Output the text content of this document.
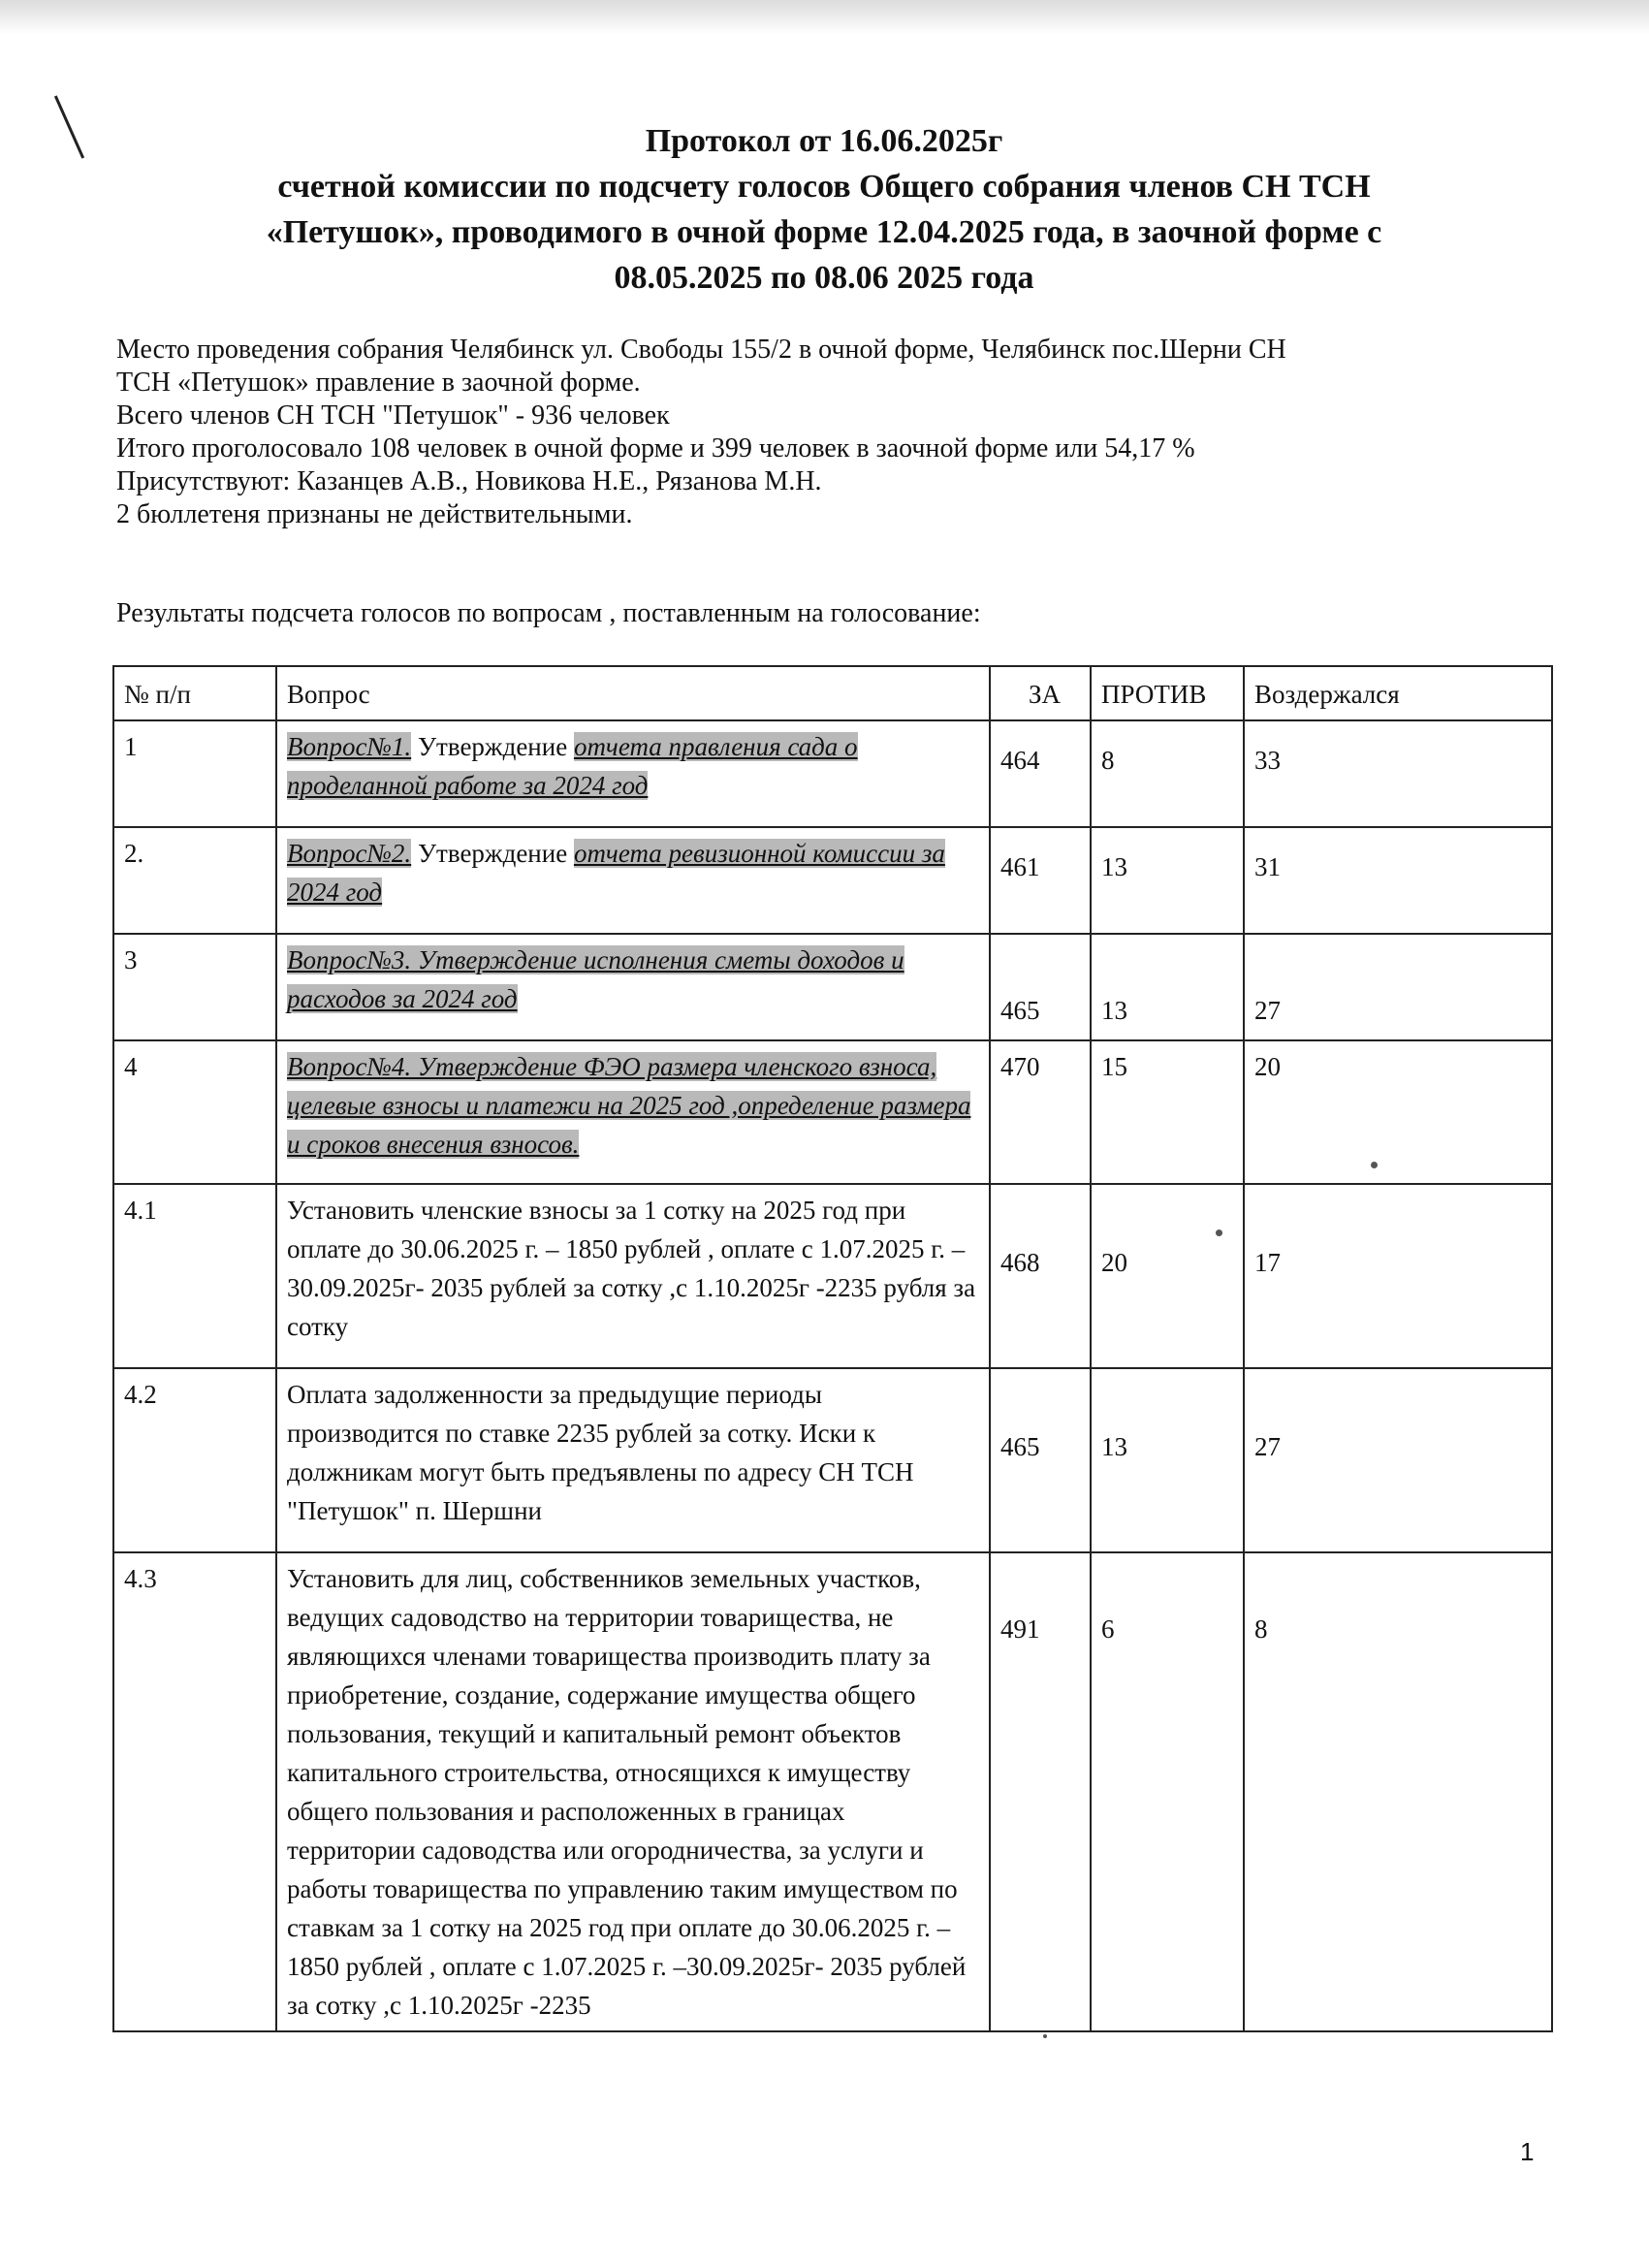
Протокол от 16.06.2025г
счетной комиссии по подсчету голосов Общего собрания членов СН ТСН
«Петушок», проводимого в очной форме 12.04.2025 года, в заочной форме с
08.05.2025 по 08.06 2025 года
Место проведения собрания Челябинск ул. Свободы 155/2 в очной форме, Челябинск пос.Шерни СН
ТСН «Петушок» правление в заочной форме.
Всего членов СН ТСН "Петушок" - 936 человек
Итого проголосовало 108 человек в очной форме и 399 человек в заочной форме или 54,17 %
Присутствуют: Казанцев А.В., Новикова Н.Е., Рязанова М.Н.
2 бюллетеня признаны не действительными.
Результаты подсчета голосов по вопросам , поставленным на голосование:
№ п/п	Вопрос	ЗА	ПРОТИВ	Воздержался
1	Вопрос№1. Утверждение отчета правления сада о проделанной работе за 2024 год	464	8	33

2.	Вопрос№2. Утверждение отчета ревизионной комиссии за 2024 год	461	13	31

3	Вопрос№3. Утверждение исполнения сметы доходов и расходов за 2024 год	465	13	27

4	Вопрос№4. Утверждение ФЭО размера членского взноса, целевые взносы и платежи на 2025 год ,определение размера и сроков внесения взносов.	470	15	20
4.1	Установить членские взносы за 1 сотку на 2025 год при оплате до 30.06.2025 г. – 1850 рублей , оплате с 1.07.2025 г. –30.09.2025г- 2035 рублей за сотку ,с 1.10.2025г -2235 рубля за сотку	468	20	17

4.2	Оплата задолженности за предыдущие периоды производится по ставке 2235 рублей за сотку. Иски к должникам могут быть предъявлены по адресу СН ТСН "Петушок" п. Шершни	465	13	27

4.3	Установить для лиц, собственников земельных участков, ведущих садоводство на территории товарищества, не являющихся членами товарищества производить плату за приобретение, создание, содержание имущества общего пользования, текущий и капитальный ремонт объектов капитального строительства, относящихся к имуществу общего пользования и расположенных в границах территории садоводства или огородничества, за услуги и работы товарищества по управлению таким имуществом по ставкам за 1 сотку на 2025 год при оплате до 30.06.2025 г. – 1850 рублей , оплате с 1.07.2025 г. –30.09.2025г- 2035 рублей за сотку ,с 1.10.2025г -2235	491	6	8
1
